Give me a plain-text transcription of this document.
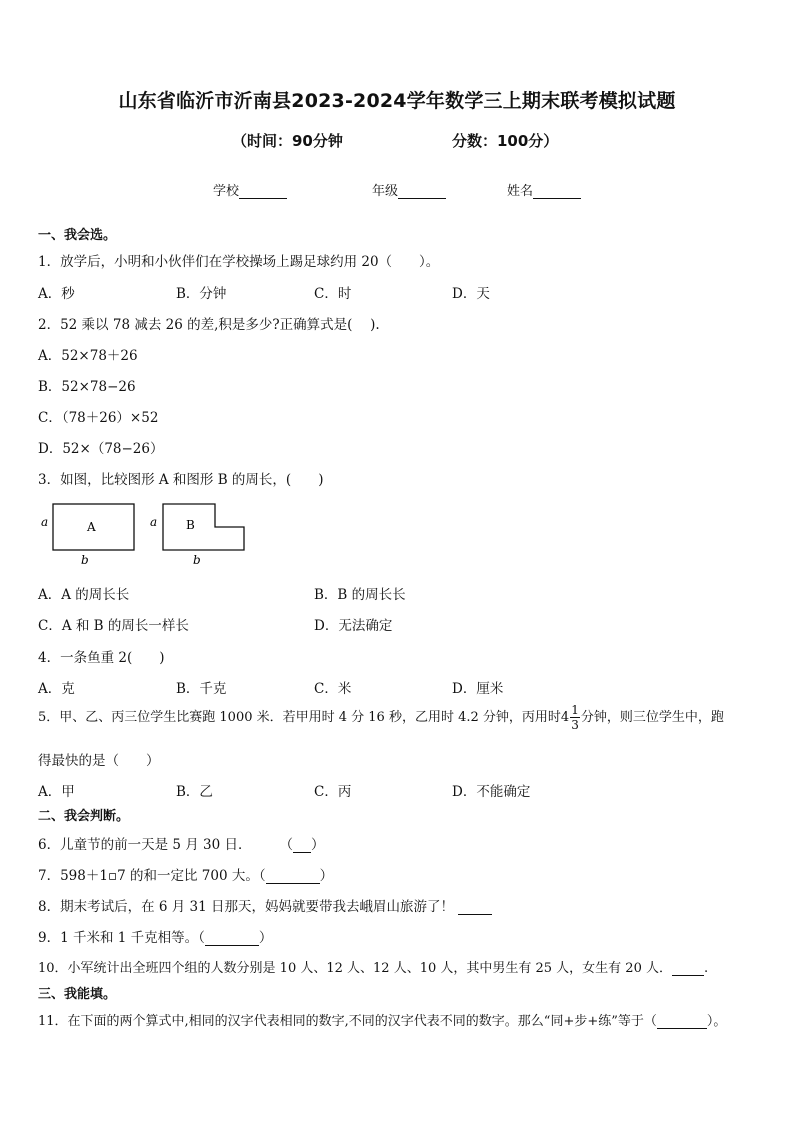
山东省临沂市沂南县2023-2024学年数学三上期末联考模拟试题
（时间：90分钟	分数：100分）
学校	年级	姓名
一、我会选。
1．放学后，小明和小伙伴们在学校操场上踢足球约用 20（　　）。
A．秒	B．分钟	C．时	D．天
2．52 乘以 78 减去 26 的差,积是多少?正确算式是(　 ).
A．52×78＋26
B．52×78−26
C．（78＋26）×52
D．52×（78−26）
3．如图，比较图形 A 和图形 B 的周长，(　　)
A
a
b
B
a
b
A．A 的周长长	B．B 的周长长
C．A 和 B 的周长一样长	D．无法确定
4．一条鱼重 2(　　)
A．克	B．千克	C．米	D．厘米
5．甲、乙、丙三位学生比赛跑 1000 米．若甲用时 4 分 16 秒，乙用时 4.2 分钟，丙用时$4 \frac{1}{3}$ 分钟，则三位学生中，跑
得最快的是（　　）
A．甲	B．乙	C．丙	D．不能确定
二、我会判断。
6．儿童节的前一天是 5 月 30 日． （ ）
7．598＋1▫7 的和一定比 700 大。（	）
8．期末考试后，在 6 月 31 日那天，妈妈就要带我去峨眉山旅游了！
9．1 千米和 1 千克相等。（	）
10．小军统计出全班四个组的人数分别是 10 人、12 人、12 人、10 人，其中男生有 25 人，女生有 20 人． .
三、我能填。
11．在下面的两个算式中,相同的汉字代表相同的数字,不同的汉字代表不同的数字。那么“同+步+练”等于（	）。
